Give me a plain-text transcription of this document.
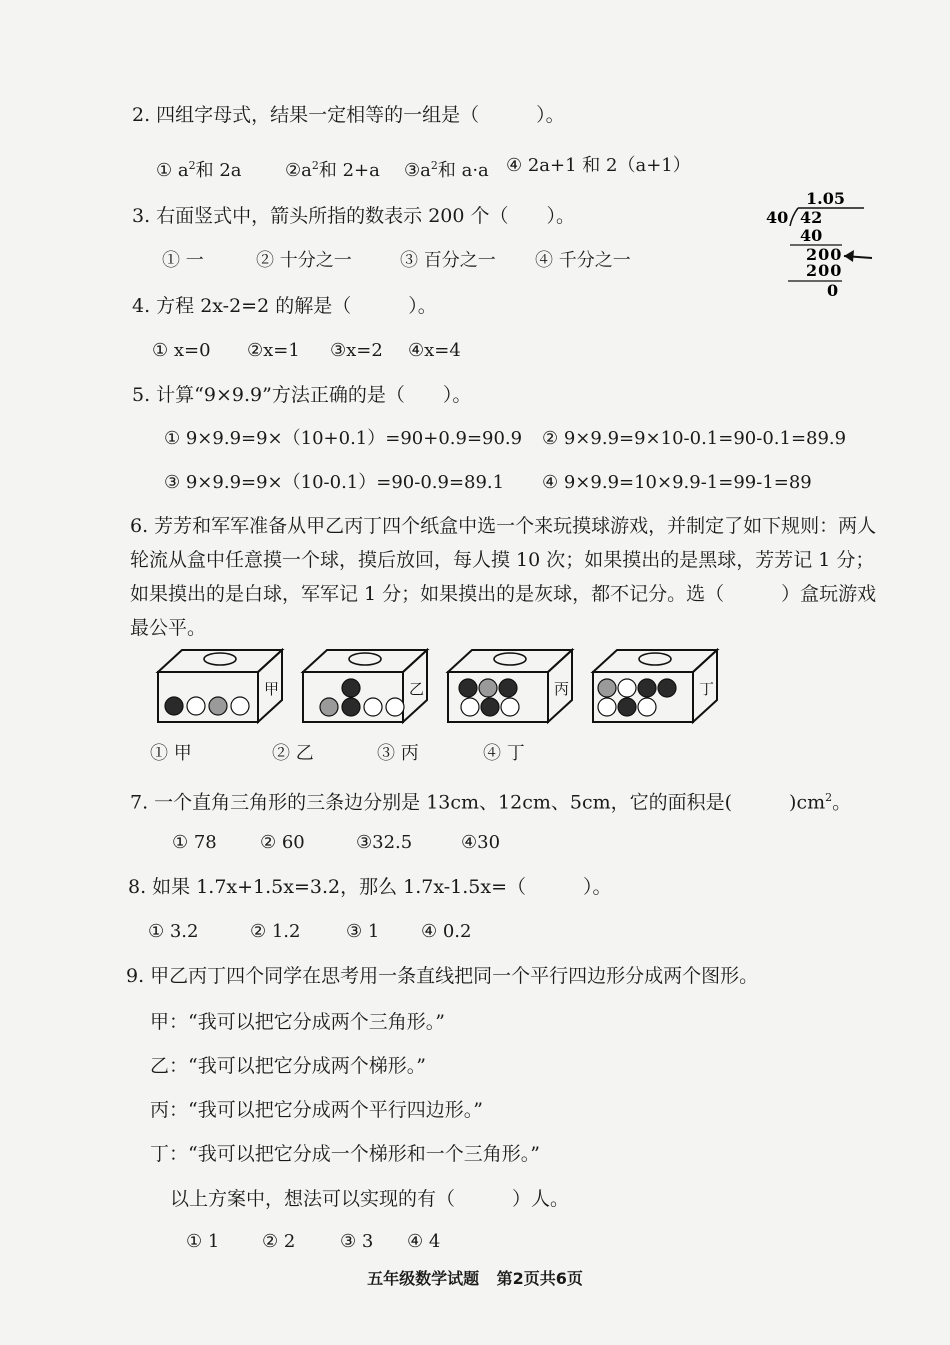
2. 四组字母式，结果一定相等的一组是（　　　）。
① $a^2$和 2a $②a^2$和 2+a $③a^2$和 a·a ④ 2a+1 和 2（a+1）
3. 右面竖式中，箭头所指的数表示 200 个（　　）。
① 一	② 十分之一	③ 百分之一 ④ 千分之一
1.05
40 42
40
200
200
0
4. 方程 2x-2=2 的解是（　　　）。
① x=0 ②x=1 ③x=2 ④x=4
5. 计算“9×9.9”方法正确的是（　　）。
① 9×9.9=9×（10+0.1）=90+0.9=90.9 ② 9×9.9=9×10-0.1=90-0.1=89.9
③ 9×9.9=9×（10-0.1）=90-0.9=89.1 ④ 9×9.9=10×9.9-1=99-1=89
6. 芳芳和军军准备从甲乙丙丁四个纸盒中选一个来玩摸球游戏，并制定了如下规则：两人
轮流从盒中任意摸一个球，摸后放回，每人摸 10 次；如果摸出的是黑球，芳芳记 1 分；
如果摸出的是白球，军军记 1 分；如果摸出的是灰球，都不记分。选（　　　）盒玩游戏
最公平。
甲	乙	丙	丁
① 甲	② 乙	③ 丙	④ 丁
7. 一个直角三角形的三条边分别是 13cm、12cm、5cm，它的面积是(　　　)$cm^2$。
① 78 ② 60	③32.5	④30
8. 如果 1.7x+1.5x=3.2，那么 1.7x-1.5x=（　　　）。
① 3.2	② 1.2	③ 1 ④ 0.2
9. 甲乙丙丁四个同学在思考用一条直线把同一个平行四边形分成两个图形。
甲：“我可以把它分成两个三角形。”
乙：“我可以把它分成两个梯形。”
丙：“我可以把它分成两个平行四边形。”
丁：“我可以把它分成一个梯形和一个三角形。”
以上方案中，想法可以实现的有（　　　）人。
① 1 ② 2 ③ 3 ④ 4
五年级数学试题 第2页共6页
